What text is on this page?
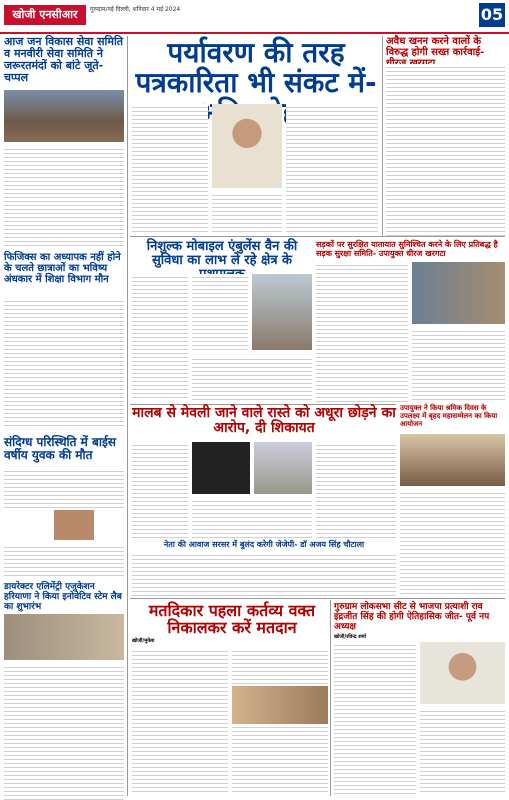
खोजी एनसीआर	गुरुग्राम/नई दिल्ली, शनिवार 4 मई 2024	05
आज जन विकास सेवा समिति व मनवीरी सेवा समिति ने जरूरतमंदों को बांटे जूते-चप्पल
फिजिक्स का अध्यापक नहीं होने के चलते छात्राओं का भविष्य अंधकार में शिक्षा विभाग मौन
संदिग्ध परिस्थिति में बाईस वर्षीय युवक की मौत
डायरेक्टर एलिमेंट्री एजुकेशन हरियाणा ने किया इनोवेटिव स्टेम लैब का शुभारंभ
पर्यावरण की तरह पत्रकारिता भी संकट में-
अवैध खनन करने वालों के विरुद्ध होगी सख्त कार्रवाई-
निशुल्क मोबाइल एंबुलेंस वैन की सुविधा का लाभ ले रहे क्षेत्र के
सड़कों पर सुरक्षित यातायात सुनिश्चित करने के लिए प्रतिबद्ध है सड़क सुरक्षा समिति- उपायुक्त धीरज खरगटा
उपायुक्त ने किया श्रमिक दिवस के उपलक्ष्य में बृहद महासम्मेलन का किया आयोजन
मालब से मेवली जाने वाले रास्ते को अधूरा छोड़ने का आरोप, दी शिकायत
नेता की आवाज सरसर में बुलंद करेगी जेजेपी- डॉ अजय सिंह चौटाला
मतदिकार पहला कर्तव्य वक्त निकालकर करें मतदान
खोजी/मुकेश
गुरुग्राम लोकसभा सीट से भाजपा प्रत्याशी राव इंद्रजीत सिंह की होगी ऐतिहासिक जीत- पूर्व नप अध्यक्ष
खोजी/रविन्द्र शर्मा
